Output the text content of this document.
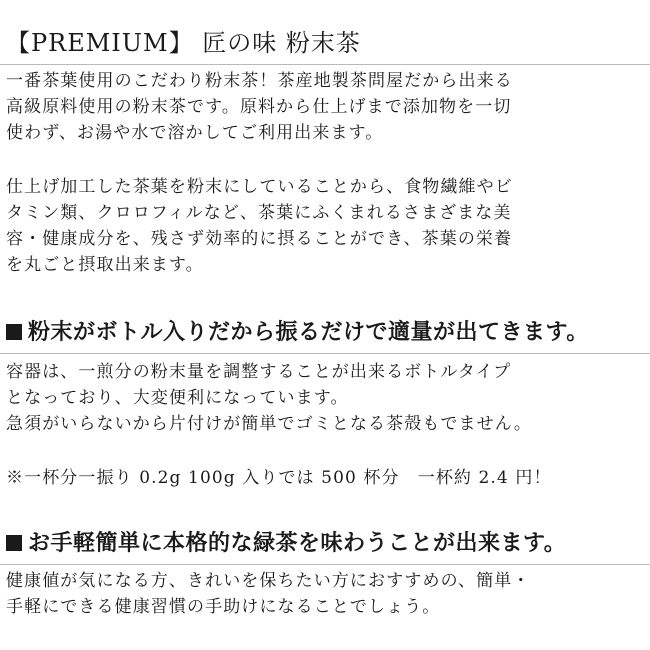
【PREMIUM】 匠の味 粉末茶
一番茶葉使用のこだわり粉末茶！茶産地製茶問屋だから出来る
高級原料使用の粉末茶です。原料から仕上げまで添加物を一切
使わず、お湯や水で溶かしてご利用出来ます。
仕上げ加工した茶葉を粉末にしていることから、食物繊維やビ
タミン類、クロロフィルなど、茶葉にふくまれるさまざまな美
容・健康成分を、残さず効率的に摂ることができ、茶葉の栄養
を丸ごと摂取出来ます。
粉末がボトル入りだから振るだけで適量が出てきます。
容器は、一煎分の粉末量を調整することが出来るボトルタイプ
となっており、大変便利になっています。
急須がいらないから片付けが簡単でゴミとなる茶殻もでません。
※一杯分一振り 0.2g 100g 入りでは 500 杯分　一杯約 2.4 円！
お手軽簡単に本格的な緑茶を味わうことが出来ます。
健康値が気になる方、きれいを保ちたい方におすすめの、簡単・
手軽にできる健康習慣の手助けになることでしょう。
